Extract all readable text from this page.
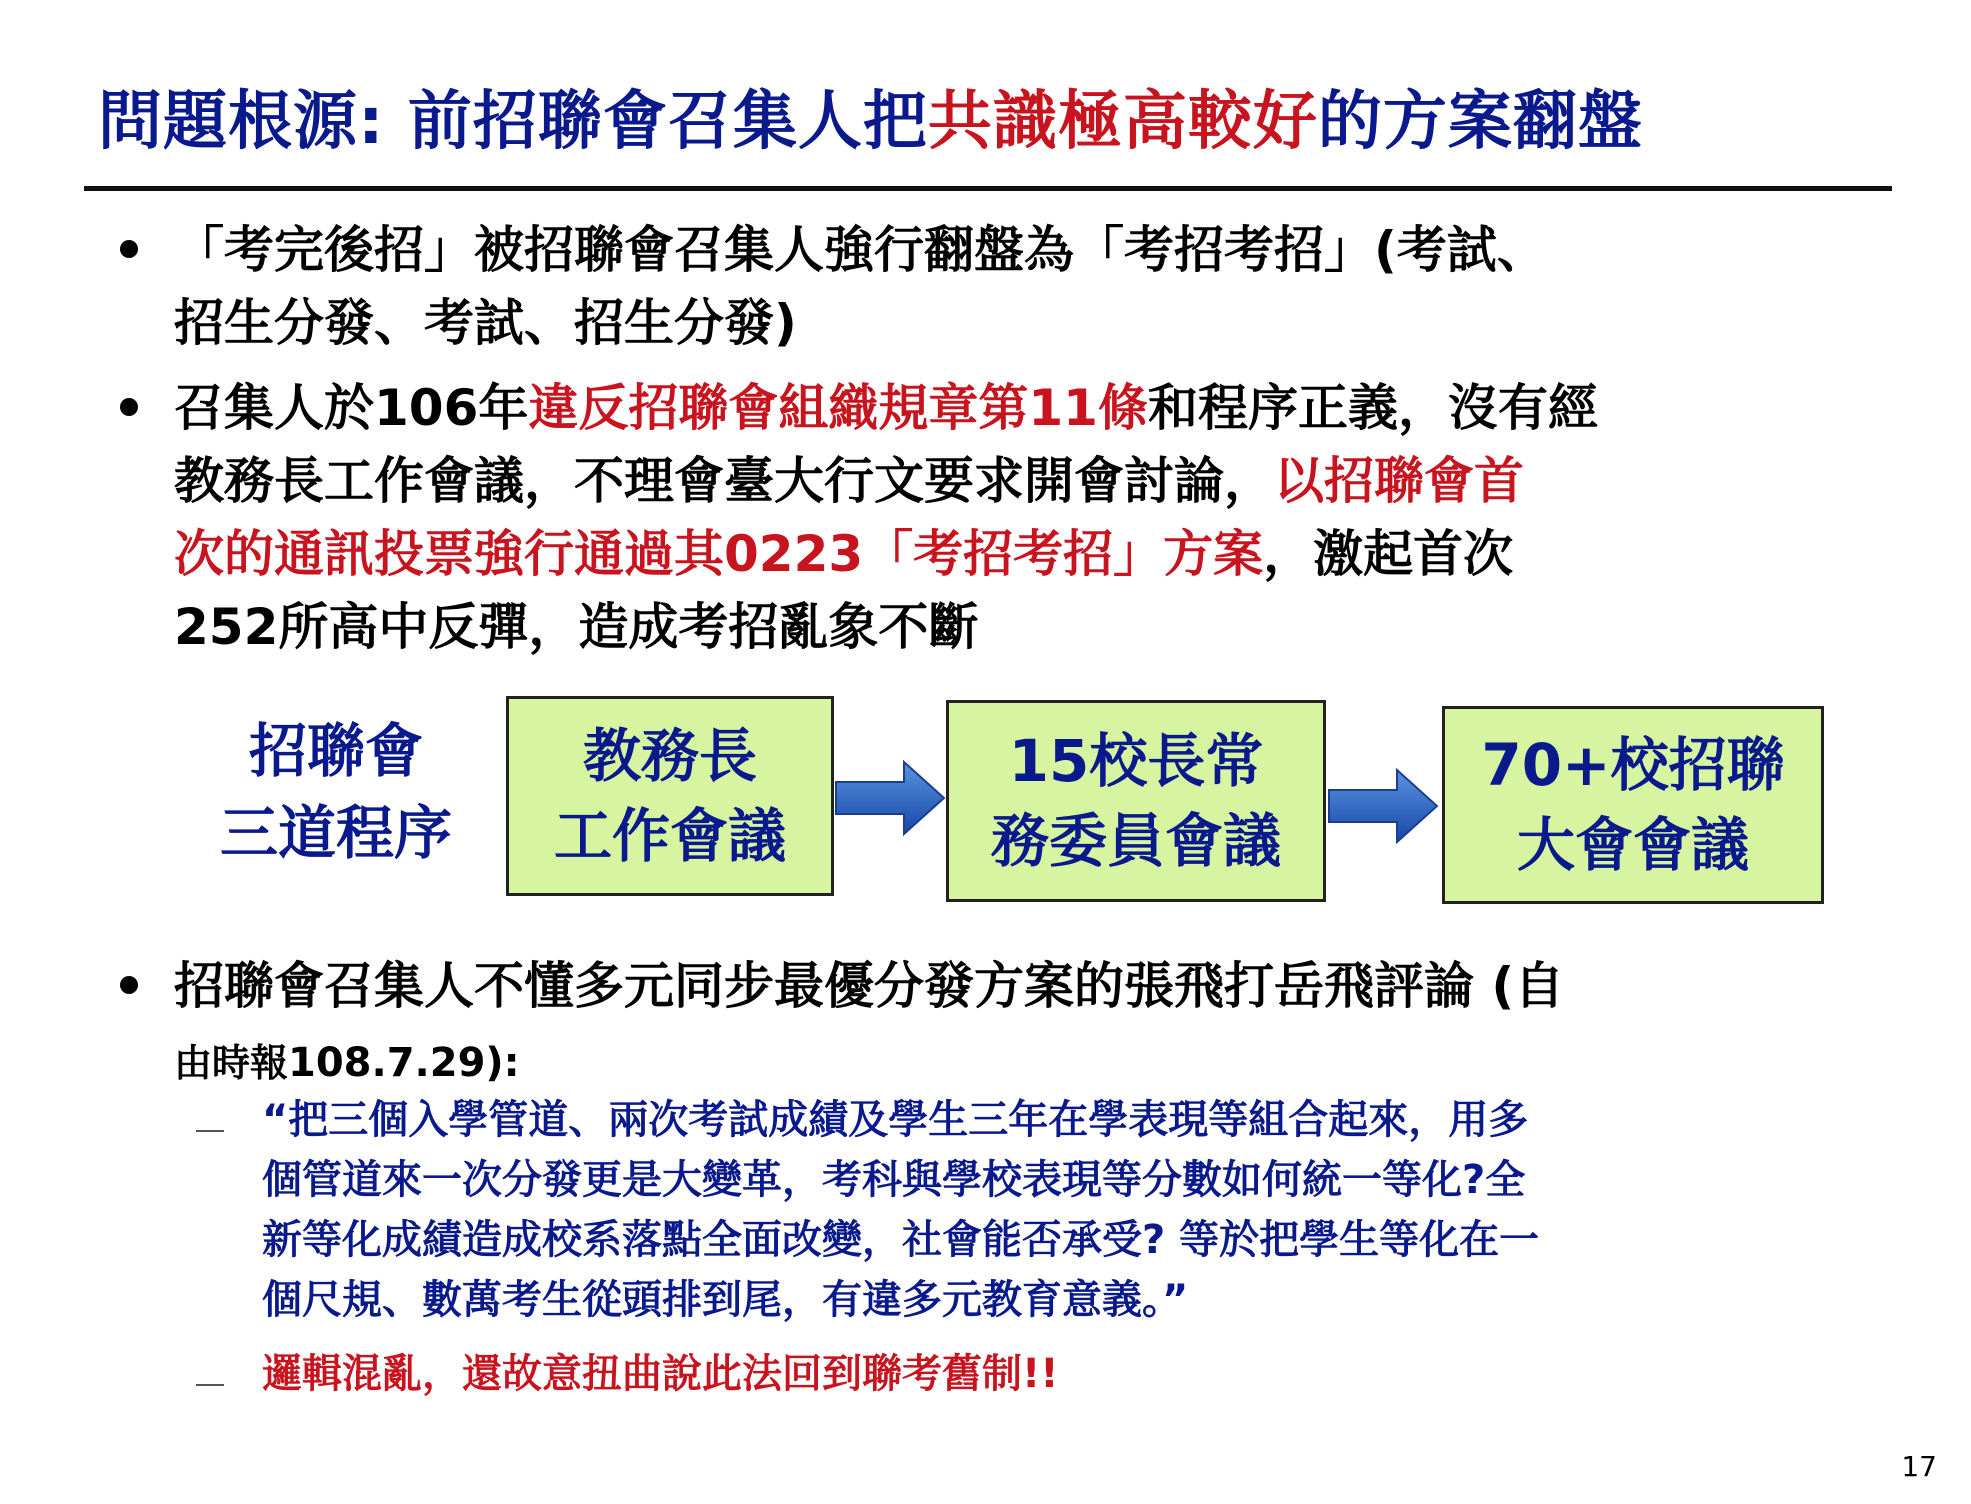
問題根源: 前招聯會召集人把共識極高較好的方案翻盤
「考完後招」被招聯會召集人強行翻盤為「考招考招」(考試、
招生分發、考試、招生分發)
召集人於106年違反招聯會組織規章第11條和程序正義，沒有經
教務長工作會議，不理會臺大行文要求開會討論，以招聯會首
次的通訊投票強行通過其0223「考招考招」方案，激起首次
252所高中反彈，造成考招亂象不斷
招聯會
三道程序
教務長
工作會議
15校長常
務委員會議
70+校招聯
大會會議
招聯會召集人不懂多元同步最優分發方案的張飛打岳飛評論 (自
由時報108.7.29):
“把三個入學管道、兩次考試成績及學生三年在學表現等組合起來，用多
個管道來一次分發更是大變革，考科與學校表現等分數如何統一等化?全
新等化成績造成校系落點全面改變，社會能否承受? 等於把學生等化在一
個尺規、數萬考生從頭排到尾，有違多元教育意義。”
邏輯混亂，還故意扭曲說此法回到聯考舊制!!
17
